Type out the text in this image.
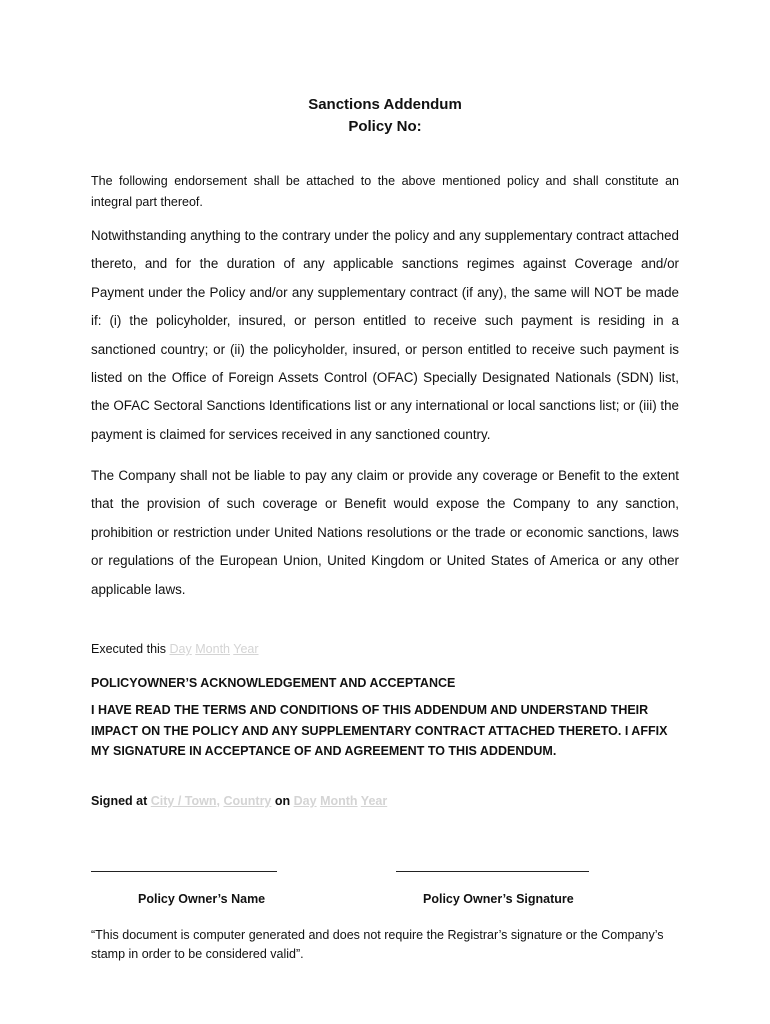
Sanctions Addendum
Policy No:
The following endorsement shall be attached to the above mentioned policy and shall constitute an integral part thereof.
Notwithstanding anything to the contrary under the policy and any supplementary contract attached thereto, and for the duration of any applicable sanctions regimes against Coverage and/or Payment under the Policy and/or any supplementary contract (if any), the same will NOT be made if: (i) the policyholder, insured, or person entitled to receive such payment is residing in a sanctioned country; or (ii) the policyholder, insured, or person entitled to receive such payment is listed on the Office of Foreign Assets Control (OFAC) Specially Designated Nationals (SDN) list, the OFAC Sectoral Sanctions Identifications list or any international or local sanctions list; or (iii) the payment is claimed for services received in any sanctioned country.
The Company shall not be liable to pay any claim or provide any coverage or Benefit to the extent that the provision of such coverage or Benefit would expose the Company to any sanction, prohibition or restriction under United Nations resolutions or the trade or economic sanctions, laws or regulations of the European Union, United Kingdom or United States of America or any other applicable laws.
Executed this Day Month Year
POLICYOWNER’S ACKNOWLEDGEMENT AND ACCEPTANCE
I HAVE READ THE TERMS AND CONDITIONS OF THIS ADDENDUM AND UNDERSTAND THEIR IMPACT ON THE POLICY AND ANY SUPPLEMENTARY CONTRACT ATTACHED THERETO. I AFFIX MY SIGNATURE IN ACCEPTANCE OF AND AGREEMENT TO THIS ADDENDUM.
Signed at City / Town, Country on Day Month Year
Policy Owner’s Name	Policy Owner’s Signature
“This document is computer generated and does not require the Registrar’s signature or the Company’s stamp in order to be considered valid”.
